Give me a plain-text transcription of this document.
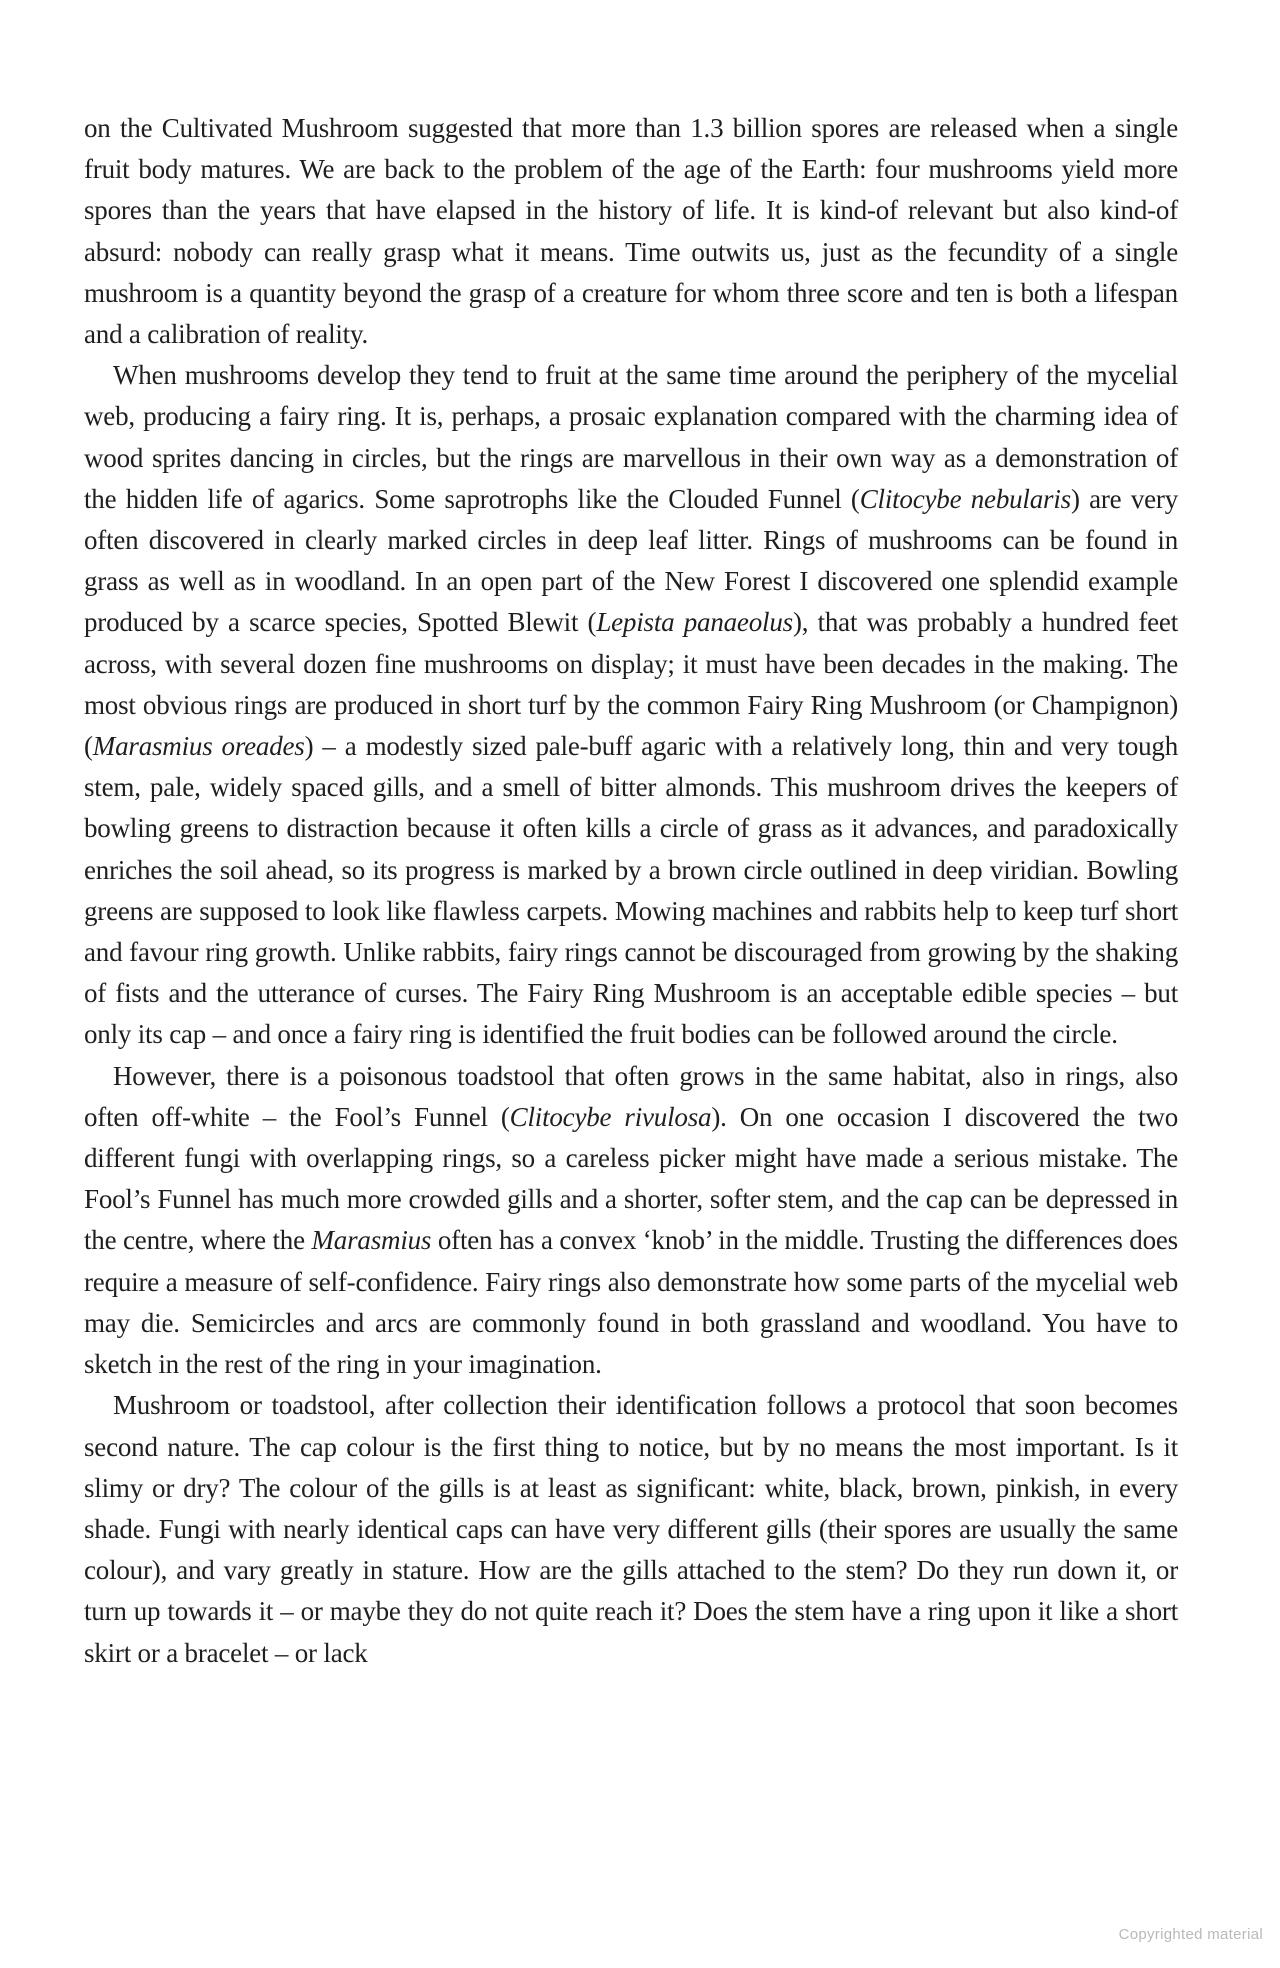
on the Cultivated Mushroom suggested that more than 1.3 billion spores are released when a single fruit body matures. We are back to the problem of the age of the Earth: four mushrooms yield more spores than the years that have elapsed in the history of life. It is kind-of relevant but also kind-of absurd: nobody can really grasp what it means. Time outwits us, just as the fecundity of a single mushroom is a quantity beyond the grasp of a creature for whom three score and ten is both a lifespan and a calibration of reality.

When mushrooms develop they tend to fruit at the same time around the periphery of the mycelial web, producing a fairy ring. It is, perhaps, a prosaic explanation compared with the charming idea of wood sprites dancing in circles, but the rings are marvellous in their own way as a demonstration of the hidden life of agarics. Some saprotrophs like the Clouded Funnel (Clitocybe nebularis) are very often discovered in clearly marked circles in deep leaf litter. Rings of mushrooms can be found in grass as well as in woodland. In an open part of the New Forest I discovered one splendid example produced by a scarce species, Spotted Blewit (Lepista panaeolus), that was probably a hundred feet across, with several dozen fine mushrooms on display; it must have been decades in the making. The most obvious rings are produced in short turf by the common Fairy Ring Mushroom (or Champignon) (Marasmius oreades) – a modestly sized pale-buff agaric with a relatively long, thin and very tough stem, pale, widely spaced gills, and a smell of bitter almonds. This mushroom drives the keepers of bowling greens to distraction because it often kills a circle of grass as it advances, and paradoxically enriches the soil ahead, so its progress is marked by a brown circle outlined in deep viridian. Bowling greens are supposed to look like flawless carpets. Mowing machines and rabbits help to keep turf short and favour ring growth. Unlike rabbits, fairy rings cannot be discouraged from growing by the shaking of fists and the utterance of curses. The Fairy Ring Mushroom is an acceptable edible species – but only its cap – and once a fairy ring is identified the fruit bodies can be followed around the circle.

However, there is a poisonous toadstool that often grows in the same habitat, also in rings, also often off-white – the Fool’s Funnel (Clitocybe rivulosa). On one occasion I discovered the two different fungi with overlapping rings, so a careless picker might have made a serious mistake. The Fool’s Funnel has much more crowded gills and a shorter, softer stem, and the cap can be depressed in the centre, where the Marasmius often has a convex ‘knob’ in the middle. Trusting the differences does require a measure of self-confidence. Fairy rings also demonstrate how some parts of the mycelial web may die. Semicircles and arcs are commonly found in both grassland and woodland. You have to sketch in the rest of the ring in your imagination.

Mushroom or toadstool, after collection their identification follows a protocol that soon becomes second nature. The cap colour is the first thing to notice, but by no means the most important. Is it slimy or dry? The colour of the gills is at least as significant: white, black, brown, pinkish, in every shade. Fungi with nearly identical caps can have very different gills (their spores are usually the same colour), and vary greatly in stature. How are the gills attached to the stem? Do they run down it, or turn up towards it – or maybe they do not quite reach it? Does the stem have a ring upon it like a short skirt or a bracelet – or lack

Copyrighted material
